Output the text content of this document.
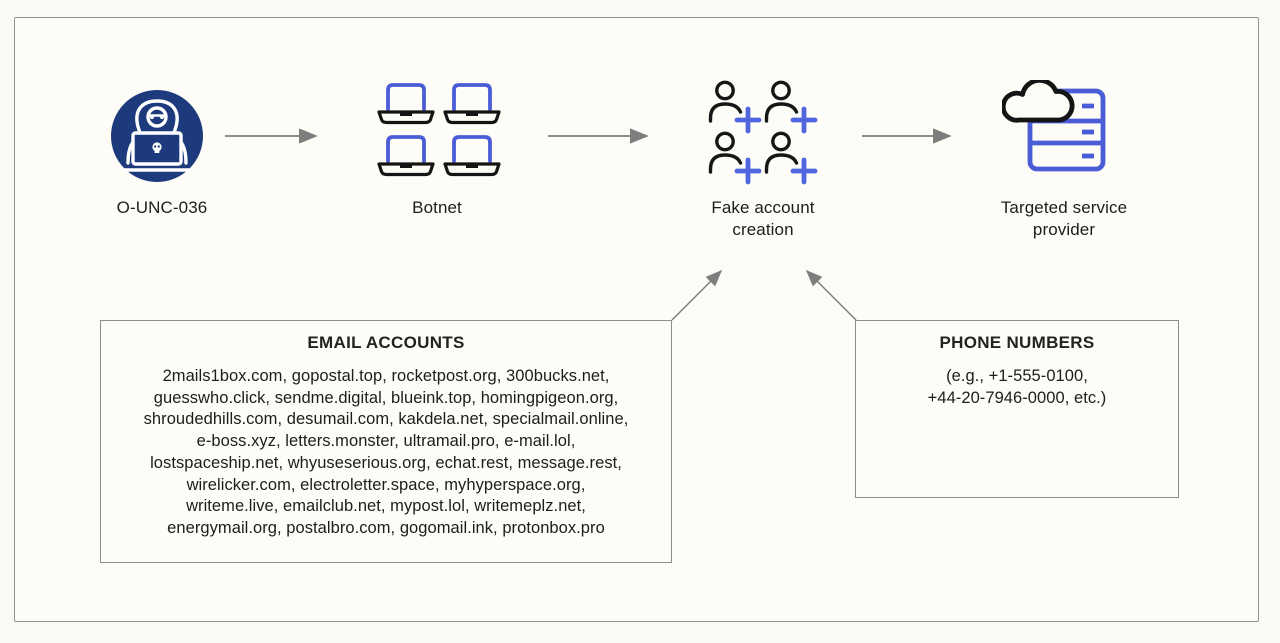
O-UNC-036	Botnet	Fake account
creation
Targeted service
provider
EMAIL ACCOUNTS
2mails1box.com, gopostal.top, rocketpost.org, 300bucks.net,
guesswho.click, sendme.digital, blueink.top, homingpigeon.org,
shroudedhills.com, desumail.com, kakdela.net, specialmail.online,
e-boss.xyz, letters.monster, ultramail.pro, e-mail.lol,
lostspaceship.net, whyuseserious.org, echat.rest, message.rest,
wirelicker.com, electroletter.space, myhyperspace.org,
writeme.live, emailclub.net, mypost.lol, writemeplz.net,
energymail.org, postalbro.com, gogomail.ink, protonbox.pro
PHONE NUMBERS
(e.g., +1-555-0100,
+44-20-7946-0000, etc.)
